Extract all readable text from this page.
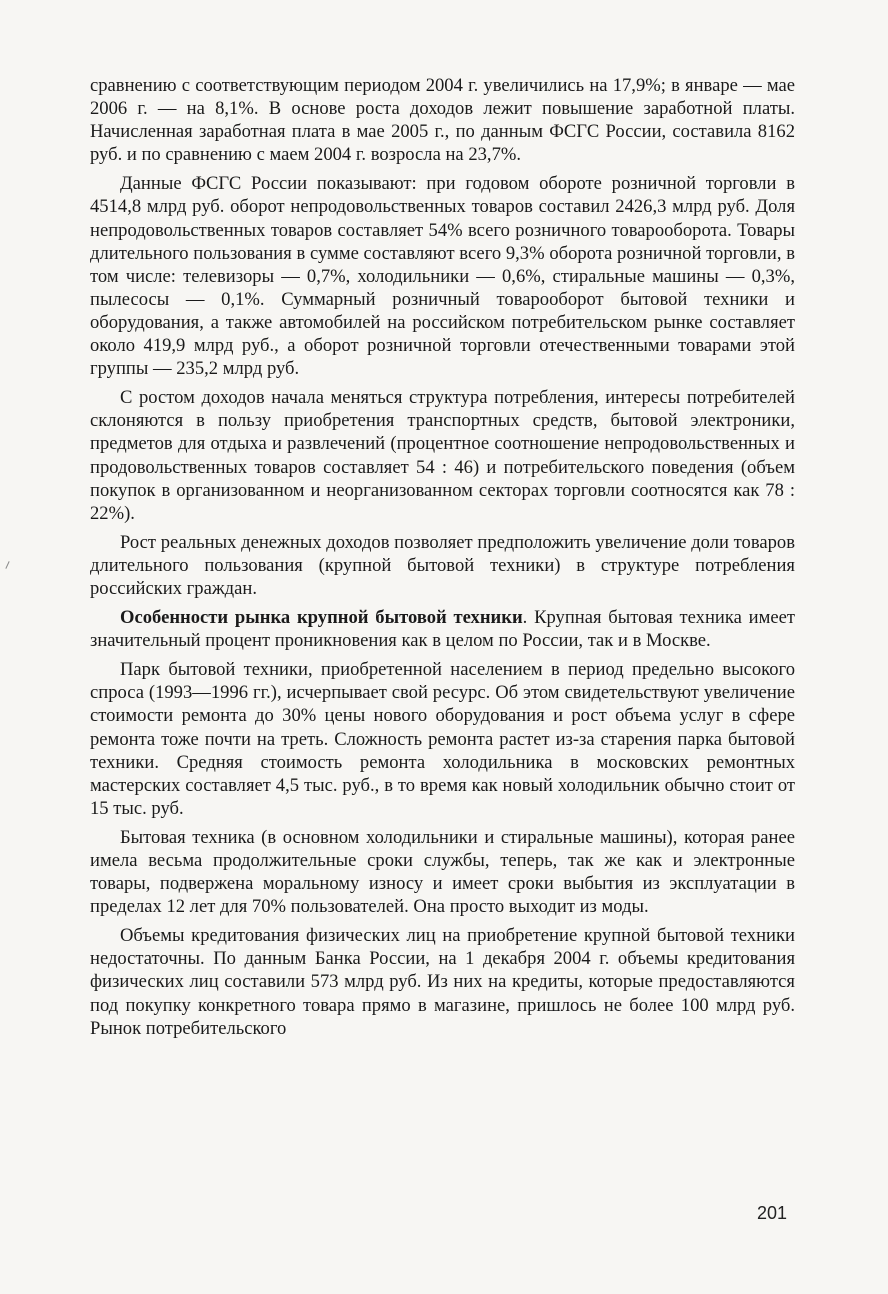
сравнению с соответствующим периодом 2004 г. увеличились на 17,9%; в январе — мае 2006 г. — на 8,1%. В основе роста доходов лежит повышение заработной платы. Начисленная заработная плата в мае 2005 г., по данным ФСГС России, составила 8162 руб. и по сравнению с маем 2004 г. возросла на 23,7%.

Данные ФСГС России показывают: при годовом обороте розничной торговли в 4514,8 млрд руб. оборот непродовольственных товаров составил 2426,3 млрд руб. Доля непродовольственных товаров составляет 54% всего розничного товарооборота. Товары длительного пользования в сумме составляют всего 9,3% оборота розничной торговли, в том числе: телевизоры — 0,7%, холодильники — 0,6%, стиральные машины — 0,3%, пылесосы — 0,1%. Суммарный розничный товарооборот бытовой техники и оборудования, а также автомобилей на российском потребительском рынке составляет около 419,9 млрд руб., а оборот розничной торговли отечественными товарами этой группы — 235,2 млрд руб.

С ростом доходов начала меняться структура потребления, интересы потребителей склоняются в пользу приобретения транспортных средств, бытовой электроники, предметов для отдыха и развлечений (процентное соотношение непродовольственных и продовольственных товаров составляет 54 : 46) и потребительского поведения (объем покупок в организованном и неорганизованном секторах торговли соотносятся как 78 : 22%).

Рост реальных денежных доходов позволяет предположить увеличение доли товаров длительного пользования (крупной бытовой техники) в структуре потребления российских граждан.

Особенности рынка крупной бытовой техники. Крупная бытовая техника имеет значительный процент проникновения как в целом по России, так и в Москве.

Парк бытовой техники, приобретенной населением в период предельно высокого спроса (1993—1996 гг.), исчерпывает свой ресурс. Об этом свидетельствуют увеличение стоимости ремонта до 30% цены нового оборудования и рост объема услуг в сфере ремонта тоже почти на треть. Сложность ремонта растет из-за старения парка бытовой техники. Средняя стоимость ремонта холодильника в московских ремонтных мастерских составляет 4,5 тыс. руб., в то время как новый холодильник обычно стоит от 15 тыс. руб.

Бытовая техника (в основном холодильники и стиральные машины), которая ранее имела весьма продолжительные сроки службы, теперь, так же как и электронные товары, подвержена моральному износу и имеет сроки выбытия из эксплуатации в пределах 12 лет для 70% пользователей. Она просто выходит из моды.

Объемы кредитования физических лиц на приобретение крупной бытовой техники недостаточны. По данным Банка России, на 1 декабря 2004 г. объемы кредитования физических лиц составили 573 млрд руб. Из них на кредиты, которые предоставляются под покупку конкретного товара прямо в магазине, пришлось не более 100 млрд руб. Рынок потребительского

201
